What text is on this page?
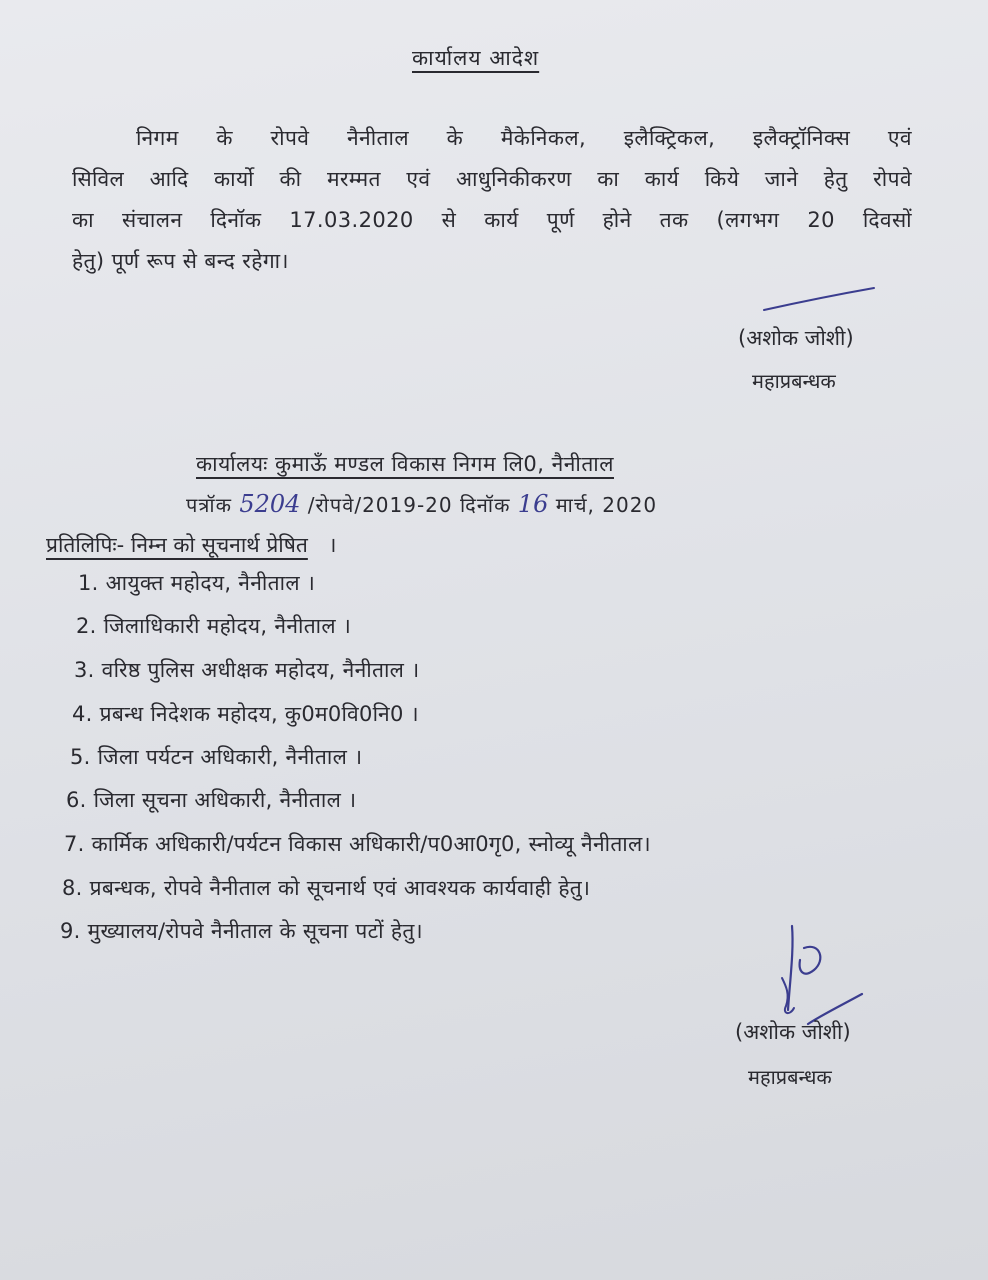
कार्यालय आदेश
निगम के रोपवे नैनीताल के मैकेनिकल, इलैक्ट्रिकल, इलैक्ट्रॉनिक्स एवं
सिविल आदि कार्यो की मरम्मत एवं आधुनिकीकरण का कार्य किये जाने हेतु रोपवे
का संचालन दिनॉक 17.03.2020 से कार्य पूर्ण होने तक (लगभग 20 दिवसों
हेतु) पूर्ण रूप से बन्द रहेगा।
(अशोक जोशी)
महाप्रबन्धक
कार्यालयः कुमाऊँ मण्डल विकास निगम लि0, नैनीताल
पत्रॉक 5204 /रोपवे/2019-20 दिनॉक 16 मार्च, 2020
प्रतिलिपिः- निम्न को सूचनार्थ प्रेषित ।
1. आयुक्त महोदय, नैनीताल ।
2. जिलाधिकारी महोदय, नैनीताल ।
3. वरिष्ठ पुलिस अधीक्षक महोदय, नैनीताल ।
4. प्रबन्ध निदेशक महोदय, कु0म0वि0नि0 ।
5. जिला पर्यटन अधिकारी, नैनीताल ।
6. जिला सूचना अधिकारी, नैनीताल ।
7. कार्मिक अधिकारी/पर्यटन विकास अधिकारी/प0आ0गृ0, स्नोव्यू नैनीताल।
8. प्रबन्धक, रोपवे नैनीताल को सूचनार्थ एवं आवश्यक कार्यवाही हेतु।
9. मुख्यालय/रोपवे नैनीताल के सूचना पटों हेतु।
(अशोक जोशी)
महाप्रबन्धक
